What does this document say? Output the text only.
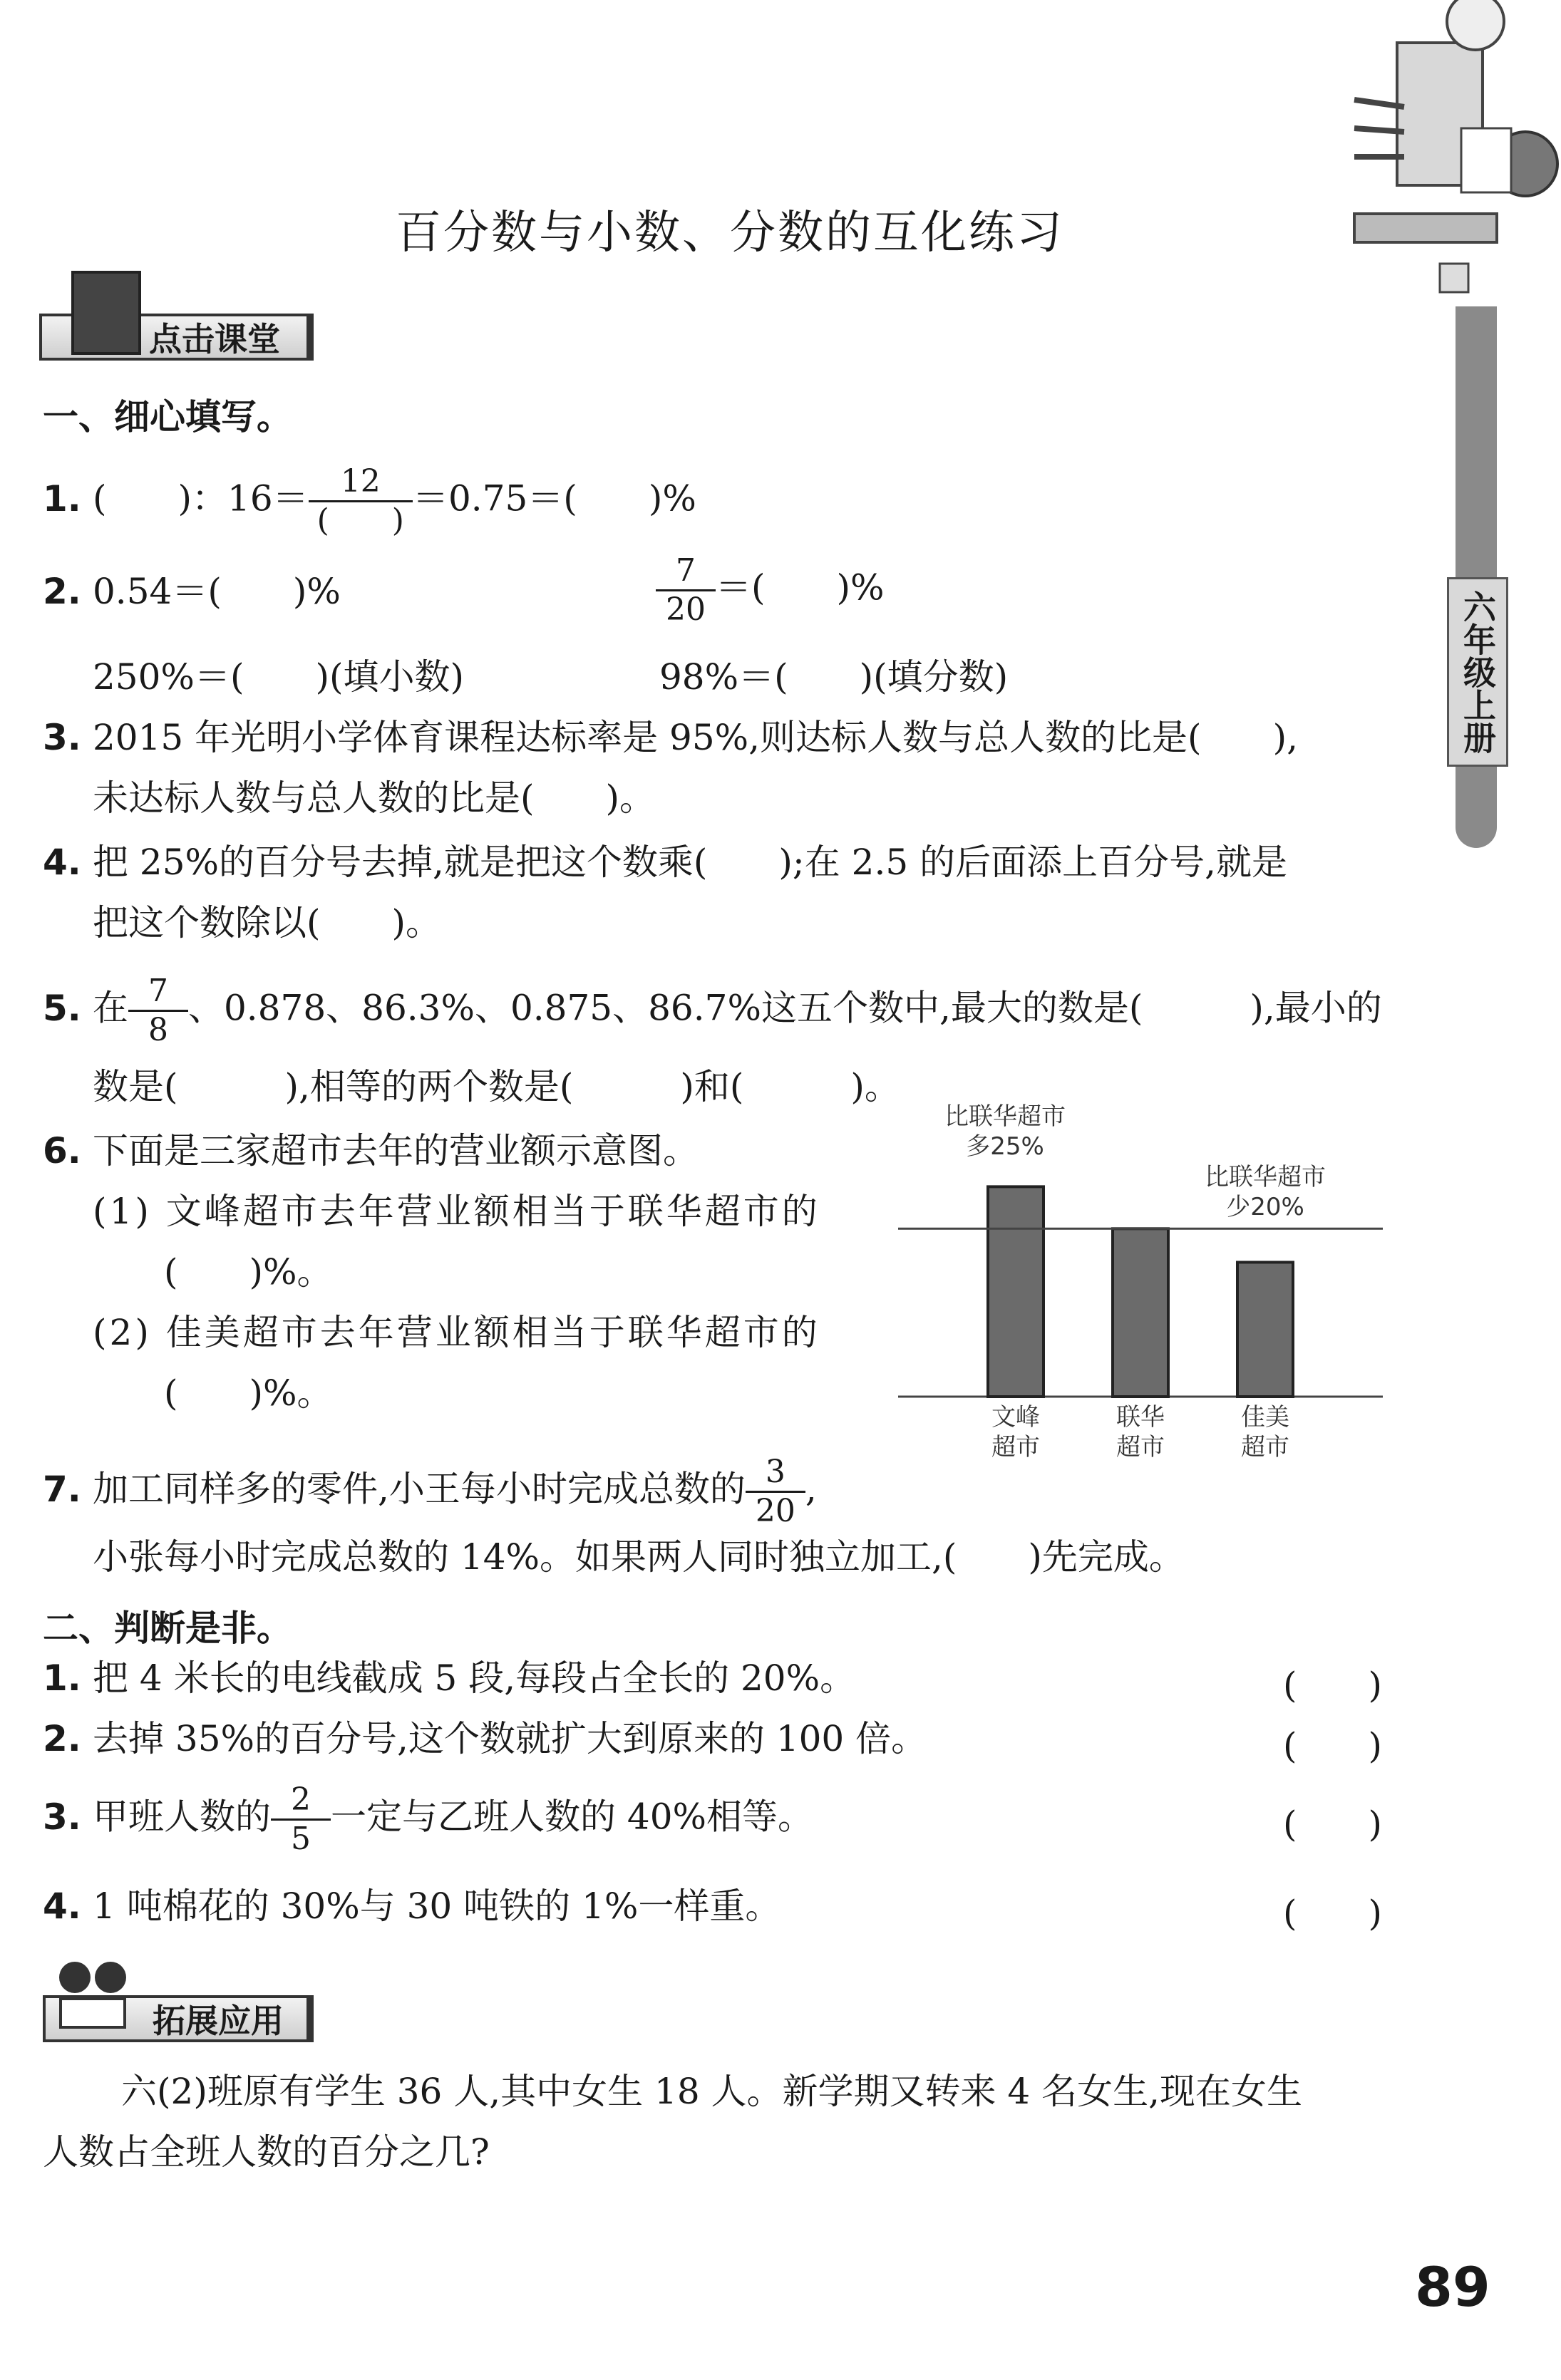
六年级上册
百分数与小数、分数的互化练习
点击课堂
一、细心填写。
1. (　　)：$16= \frac{12}{( )} =0.75=$(　　)%
2. 0.54＝(　　)%	$\frac{7}{20}$ ＝(　　)%
250%＝(　　)(填小数)	98%＝(　　)(填分数)
3. 2015 年光明小学体育课程达标率是 95%,则达标人数与总人数的比是(　　),
未达标人数与总人数的比是(　　)。
4. 把 25%的百分号去掉,就是把这个数乘(　　);在 2.5 的后面添上百分号,就是
把这个数除以(　　)。
5. 在 $\frac{7}{8}$ 、0.878、86.3%、0.875、86.7%这五个数中,最大的数是(　　　),最小的
数是(　　　),相等的两个数是(　　　)和(　　　)。
6. 下面是三家超市去年的营业额示意图。
(1) 文峰超市去年营业额相当于联华超市的
(　　)%。
(2) 佳美超市去年营业额相当于联华超市的
(　　)%。
文峰
超市
联华
超市
佳美
超市
比联华超市
多25%
比联华超市
少20%
7. 加工同样多的零件,小王每小时完成总数的 $\frac{3}{20}$ ,
小张每小时完成总数的 14%。如果两人同时独立加工,(　　)先完成。
二、判断是非。
1. 把 4 米长的电线截成 5 段,每段占全长的 20%。	(　　)
2. 去掉 35%的百分号,这个数就扩大到原来的 100 倍。	(　　)
3. 甲班人数的 $\frac{2}{5}$ 一定与乙班人数的 40%相等。	(　　)
4. 1 吨棉花的 30%与 30 吨铁的 1%一样重。	(　　)
拓展应用
六(2)班原有学生 36 人,其中女生 18 人。新学期又转来 4 名女生,现在女生
人数占全班人数的百分之几?
89
